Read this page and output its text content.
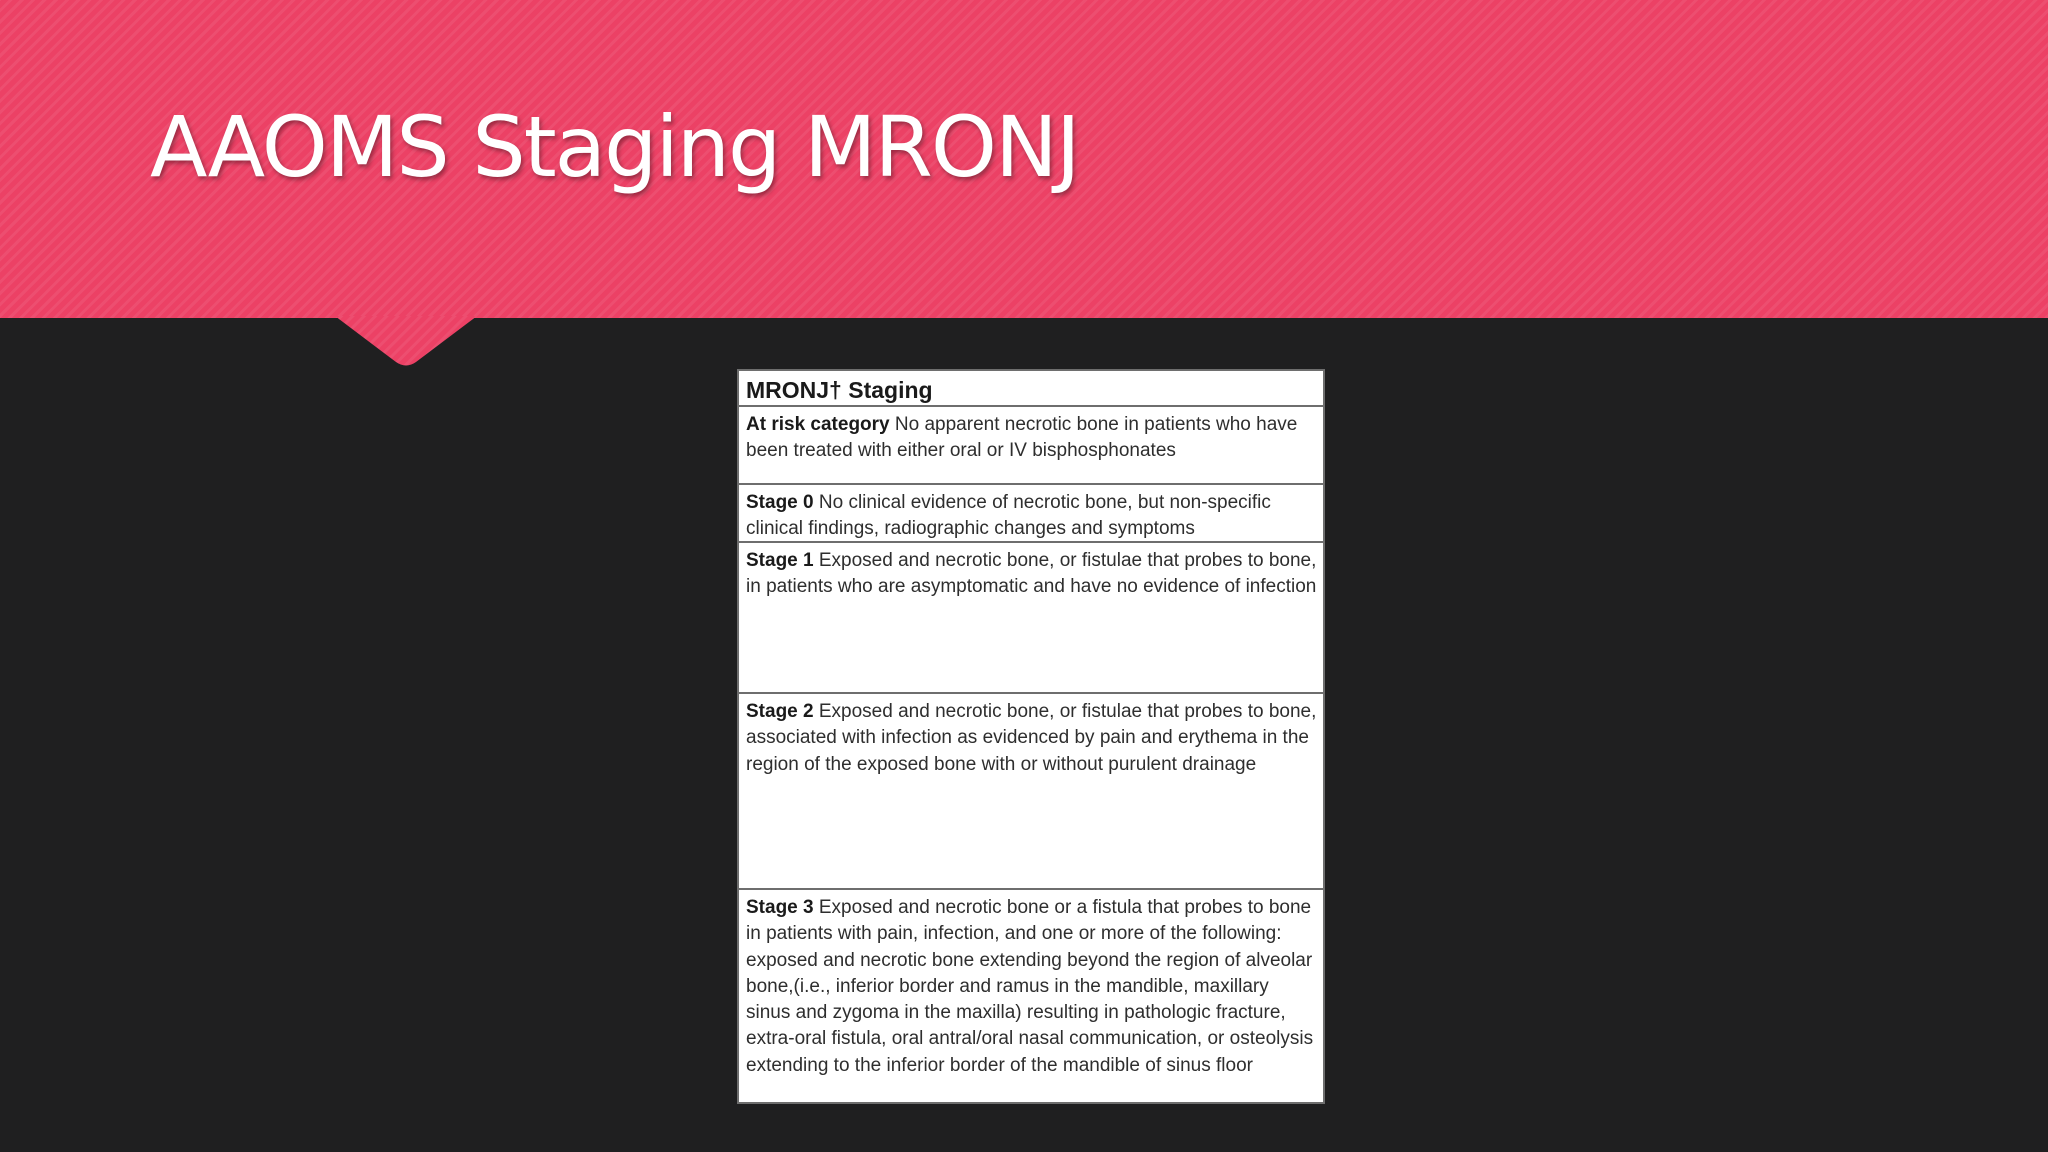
AAOMS Staging MRONJ
MRONJ† Staging
At risk category No apparent necrotic bone in patients who have been treated with either oral or IV bisphosphonates
Stage 0 No clinical evidence of necrotic bone, but non-specific clinical findings, radiographic changes and symptoms
Stage 1 Exposed and necrotic bone, or fistulae that probes to bone, in patients who are asymptomatic and have no evidence of infection
Stage 2 Exposed and necrotic bone, or fistulae that probes to bone, associated with infection as evidenced by pain and erythema in the region of the exposed bone with or without purulent drainage
Stage 3 Exposed and necrotic bone or a fistula that probes to bone in patients with pain, infection, and one or more of the following: exposed and necrotic bone extending beyond the region of alveolar bone,(i.e., inferior border and ramus in the mandible, maxillary sinus and zygoma in the maxilla) resulting in pathologic fracture, extra-oral fistula, oral antral/oral nasal communication, or osteolysis extending to the inferior border of the mandible of sinus floor
